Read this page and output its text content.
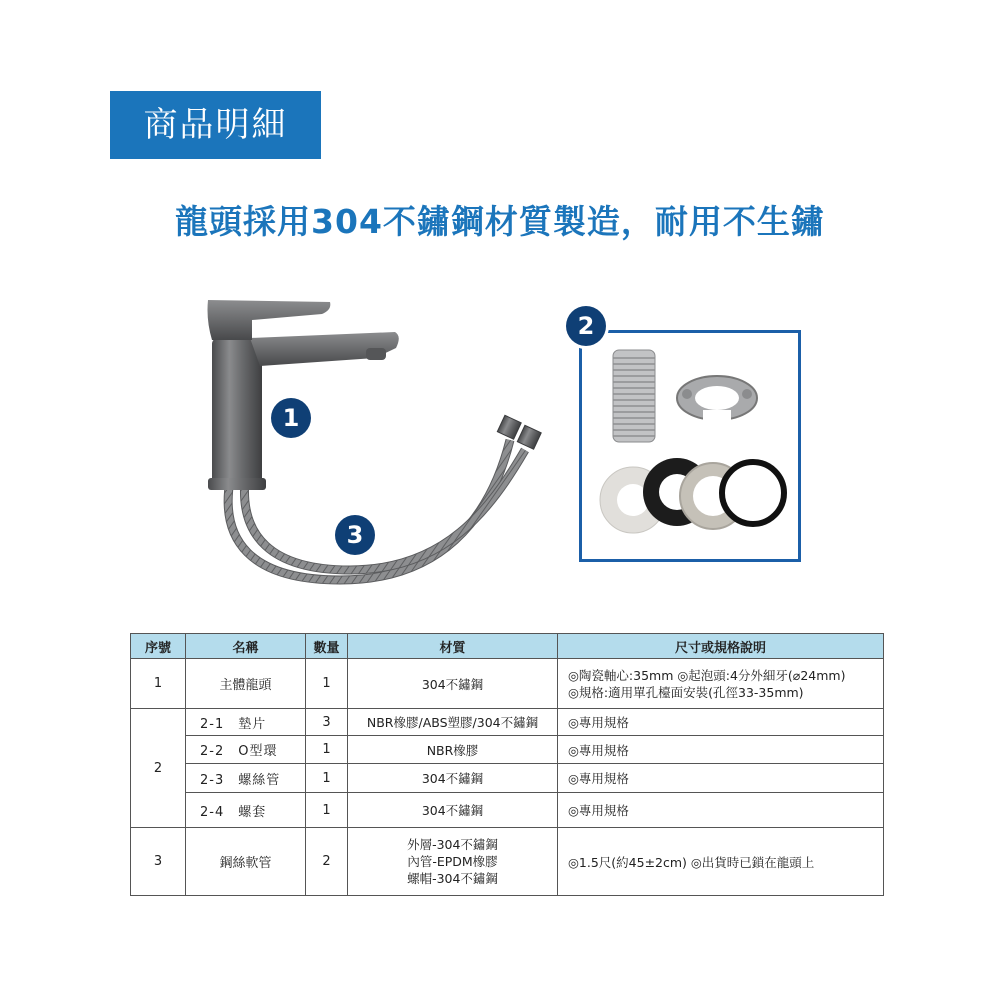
商品明細
龍頭採用304不鏽鋼材質製造，耐用不生鏽
1
3
2
序號	名稱	數量	材質	尺寸或規格說明
1	主體龍頭	1	304不鏽鋼	◎陶瓷軸心:35mm ◎起泡頭:4分外細牙(⌀24mm)
◎規格:適用單孔檯面安裝(孔徑33-35mm)

2	2-1　墊片	3	NBR橡膠/ABS塑膠/304不鏽鋼	◎專用規格
	2-2　O型環	1	NBR橡膠	◎專用規格
	2-3　螺絲管	1	304不鏽鋼	◎專用規格
	2-4　螺套	1	304不鏽鋼	◎專用規格
3	鋼絲軟管	2	外層-304不鏽鋼
內管-EPDM橡膠
螺帽-304不鏽鋼	◎1.5尺(約45±2cm) ◎出貨時已鎖在龍頭上
